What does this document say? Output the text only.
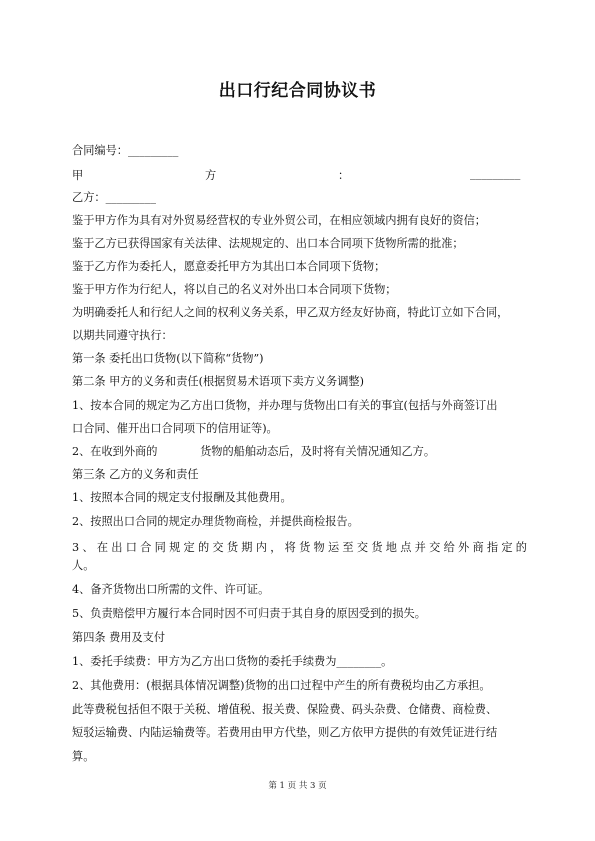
出口行纪合同协议书
合同编号：_________
甲	方	：	_________
乙方：_________
鉴于甲方作为具有对外贸易经营权的专业外贸公司，在相应领域内拥有良好的资信；
鉴于乙方已获得国家有关法律、法规规定的、出口本合同项下货物所需的批准；
鉴于乙方作为委托人，愿意委托甲方为其出口本合同项下货物；
鉴于甲方作为行纪人，将以自己的名义对外出口本合同项下货物；
为明确委托人和行纪人之间的权利义务关系，甲乙双方经友好协商，特此订立如下合同，
以期共同遵守执行：
第一条 委托出口货物(以下简称“货物”)
第二条 甲方的义务和责任(根据贸易术语项下卖方义务调整)
1、按本合同的规定为乙方出口货物，并办理与货物出口有关的事宜(包括与外商签订出
口合同、催开出口合同项下的信用证等)。
2、在收到外商的            货物的船舶动态后，及时将有关情况通知乙方。
第三条 乙方的义务和责任
1、按照本合同的规定支付报酬及其他费用。
2、按照出口合同的规定办理货物商检，并提供商检报告。
3、在出口合同规定的交货期内，将货物运至交货地点并交给外商指定的
人。
4、备齐货物出口所需的文件、许可证。
5、负责赔偿甲方履行本合同时因不可归责于其自身的原因受到的损失。
第四条 费用及支付
1、委托手续费：甲方为乙方出口货物的委托手续费为________。
2、其他费用：(根据具体情况调整)货物的出口过程中产生的所有费税均由乙方承担。
此等费税包括但不限于关税、增值税、报关费、保险费、码头杂费、仓储费、商检费、
短驳运输费、内陆运输费等。若费用由甲方代垫，则乙方依甲方提供的有效凭证进行结
算。
第 1 页 共 3 页
